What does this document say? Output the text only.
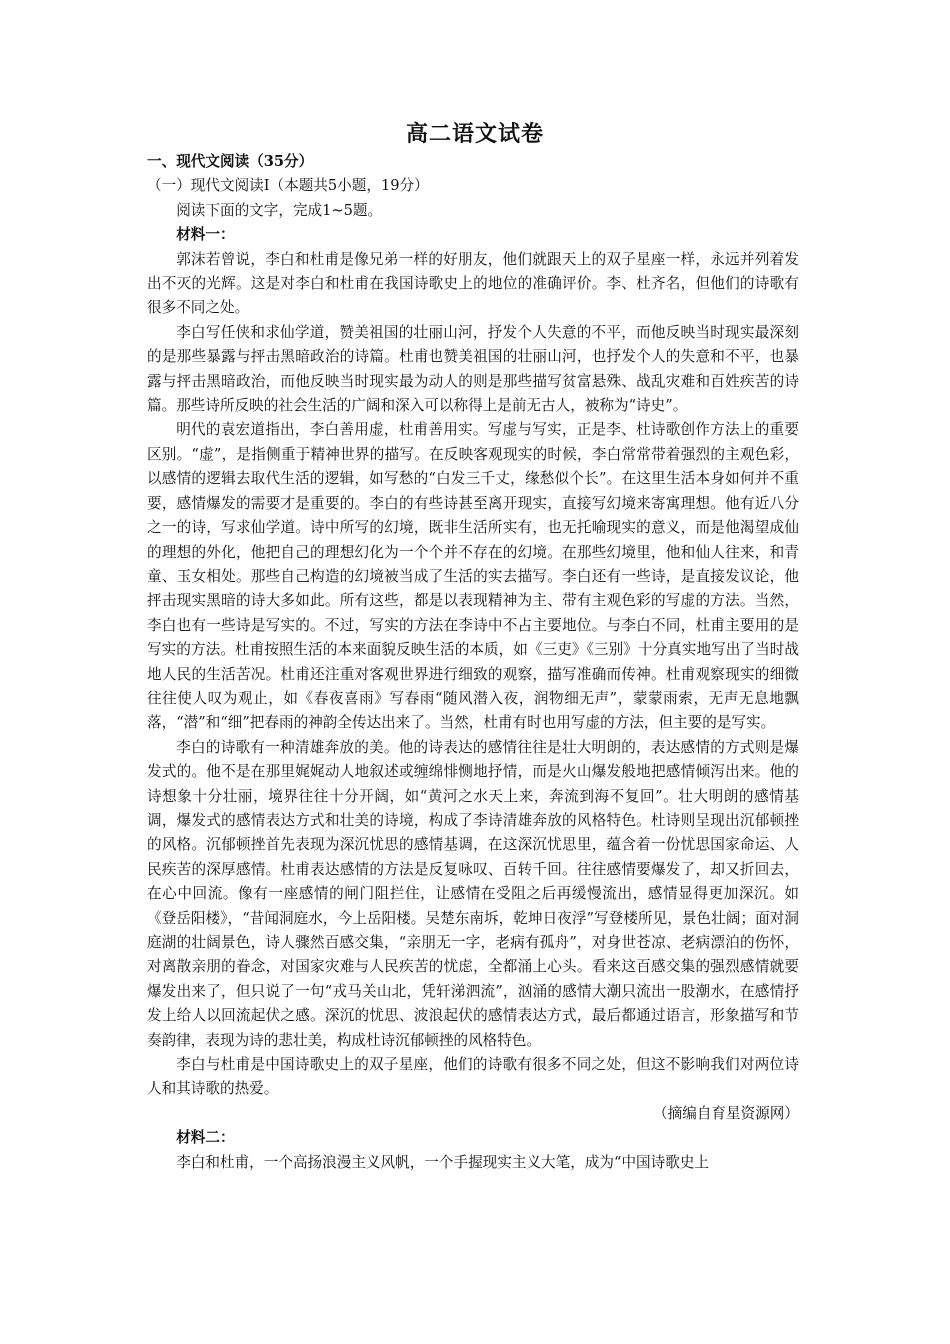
高二语文试卷

一、现代文阅读（35分）

（一）现代文阅读Ⅰ（本题共5小题，19分）

阅读下面的文字，完成1~5题。

材料一：

郭沫若曾说，李白和杜甫是像兄弟一样的好朋友，他们就跟天上的双子星座一样，永远并列着发出不灭的光辉。这是对李白和杜甫在我国诗歌史上的地位的准确评价。李、杜齐名，但他们的诗歌有很多不同之处。

李白写任侠和求仙学道，赞美祖国的壮丽山河，抒发个人失意的不平，而他反映当时现实最深刻的是那些暴露与抨击黑暗政治的诗篇。杜甫也赞美祖国的壮丽山河，也抒发个人的失意和不平，也暴露与抨击黑暗政治，而他反映当时现实最为动人的则是那些描写贫富悬殊、战乱灾难和百姓疾苦的诗篇。那些诗所反映的社会生活的广阔和深入可以称得上是前无古人，被称为“诗史”。

明代的袁宏道指出，李白善用虚，杜甫善用实。写虚与写实，正是李、杜诗歌创作方法上的重要区别。“虚”，是指侧重于精神世界的描写。在反映客观现实的时候，李白常常带着强烈的主观色彩，以感情的逻辑去取代生活的逻辑，如写愁的“白发三千丈，缘愁似个长”。在这里生活本身如何并不重要，感情爆发的需要才是重要的。李白的有些诗甚至离开现实，直接写幻境来寄寓理想。他有近八分之一的诗，写求仙学道。诗中所写的幻境，既非生活所实有，也无托喻现实的意义，而是他渴望成仙的理想的外化，他把自己的理想幻化为一个个并不存在的幻境。在那些幻境里，他和仙人往来，和青童、玉女相处。那些自己构造的幻境被当成了生活的实去描写。李白还有一些诗，是直接发议论，他抨击现实黑暗的诗大多如此。所有这些，都是以表现精神为主、带有主观色彩的写虚的方法。当然，李白也有一些诗是写实的。不过，写实的方法在李诗中不占主要地位。与李白不同，杜甫主要用的是写实的方法。杜甫按照生活的本来面貌反映生活的本质，如《三吏》《三别》十分真实地写出了当时战地人民的生活苦况。杜甫还注重对客观世界进行细致的观察，描写准确而传神。杜甫观察现实的细微往往使人叹为观止，如《春夜喜雨》写春雨“随风潜入夜，润物细无声”，蒙蒙雨索，无声无息地飘落，“潜”和“细”把春雨的神韵全传达出来了。当然，杜甫有时也用写虚的方法，但主要的是写实。

李白的诗歌有一种清雄奔放的美。他的诗表达的感情往往是壮大明朗的，表达感情的方式则是爆发式的。他不是在那里娓娓动人地叙述或缠绵悱恻地抒情，而是火山爆发般地把感情倾泻出来。他的诗想象十分壮丽，境界往往十分开阔，如“黄河之水天上来，奔流到海不复回”。壮大明朗的感情基调，爆发式的感情表达方式和壮美的诗境，构成了李诗清雄奔放的风格特色。杜诗则呈现出沉郁顿挫的风格。沉郁顿挫首先表现为深沉忧思的感情基调，在这深沉忧思里，蕴含着一份忧思国家命运、人民疾苦的深厚感情。杜甫表达感情的方法是反复咏叹、百转千回。往往感情要爆发了，却又折回去，在心中回流。像有一座感情的闸门阻拦住，让感情在受阻之后再缓慢流出，感情显得更加深沉。如《登岳阳楼》，“昔闻洞庭水，今上岳阳楼。吴楚东南坼，乾坤日夜浮”写登楼所见，景色壮阔；面对洞庭湖的壮阔景色，诗人骤然百感交集，“亲朋无一字，老病有孤舟”，对身世苍凉、老病漂泊的伤怀，对离散亲朋的眷念，对国家灾难与人民疾苦的忧虑，全都涌上心头。看来这百感交集的强烈感情就要爆发出来了，但只说了一句“戎马关山北，凭轩涕泗流”，汹涌的感情大潮只流出一股潮水，在感情抒发上给人以回流起伏之感。深沉的忧思、波浪起伏的感情表达方式，最后都通过语言，形象描写和节奏韵律，表现为诗的悲壮美，构成杜诗沉郁顿挫的风格特色。

李白与杜甫是中国诗歌史上的双子星座，他们的诗歌有很多不同之处，但这不影响我们对两位诗人和其诗歌的热爱。

（摘编自育星资源网）

材料二：

李白和杜甫，一个高扬浪漫主义风帆，一个手握现实主义大笔，成为“中国诗歌史上
